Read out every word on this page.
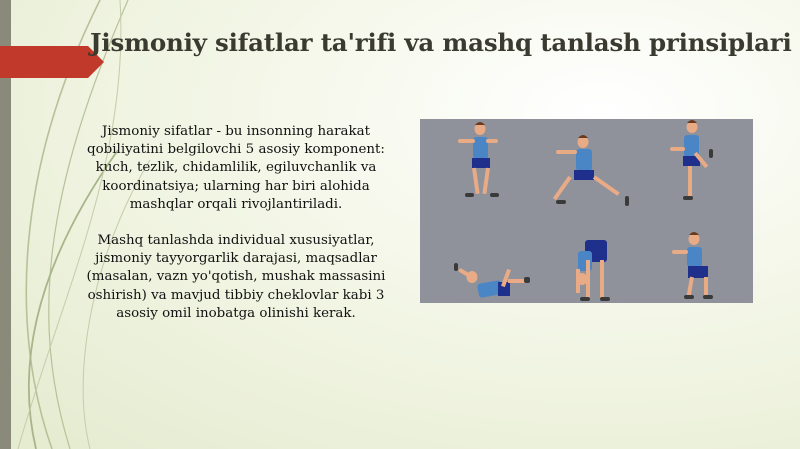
Jismoniy sifatlar ta'rifi va mashq tanlash prinsiplari

Jismoniy sifatlar - bu insonning harakat qobiliyatini belgilovchi 5 asosiy komponent: kuch, tezlik, chidamlilik, egiluvchanlik va koordinatsiya; ularning har biri alohida mashqlar orqali rivojlantiriladi.

Mashq tanlashda individual xususiyatlar, jismoniy tayyorgarlik darajasi, maqsadlar (masalan, vazn yo'qotish, mushak massasini oshirish) va mavjud tibbiy cheklovlar kabi 3 asosiy omil inobatga olinishi kerak.
